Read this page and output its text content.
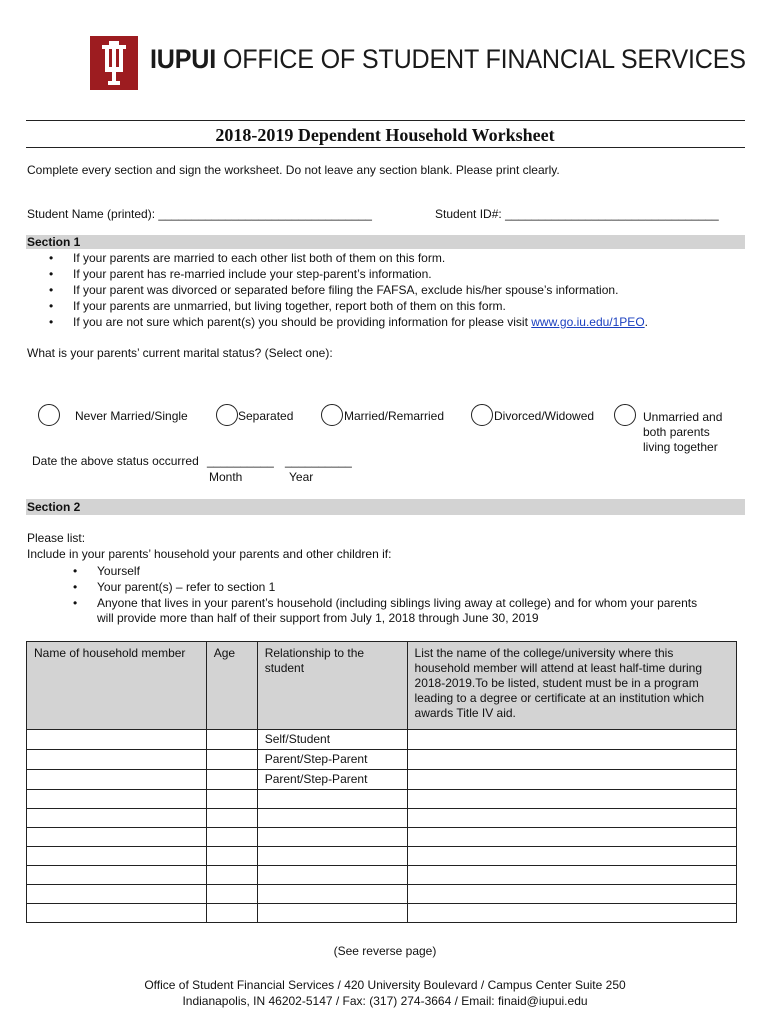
IU
IUPUI OFFICE OF STUDENT FINANCIAL SERVICES
2018-2019 Dependent Household Worksheet
Complete every section and sign the worksheet. Do not leave any section blank. Please print clearly.
Student Name (printed): ________________________________	Student ID#: ________________________________
Section 1
• If your parents are married to each other list both of them on this form.
• If your parent has re-married include your step-parent’s information.
• If your parent was divorced or separated before filing the FAFSA, exclude his/her spouse’s information.
• If your parents are unmarried, but living together, report both of them on this form.
• If you are not sure which parent(s) you should be providing information for please visit www.go.iu.edu/1PEO.
What is your parents’ current marital status? (Select one):
Never Married/Single	Separated	Married/Remarried	Divorced/Widowed	Unmarried and
both parents
living together
Date the above status occurred __________ __________
Month	Year
Section 2
Please list:
Include in your parents’ household your parents and other children if:
• Yourself
• Your parent(s) – refer to section 1
• Anyone that lives in your parent’s household (including siblings living away at college) and for whom your parents
will provide more than half of their support from July 1, 2018 through June 30, 2019
Name of household member	Age	Relationship to the student	List the name of the college/university where this household member will attend at least half-time during 2018-2019.To be listed, student must be in a program leading to a degree or certificate at an institution which awards Title IV aid.
		Self/Student	
		Parent/Step-Parent	
		Parent/Step-Parent	

(See reverse page)
Office of Student Financial Services / 420 University Boulevard / Campus Center Suite 250
Indianapolis, IN 46202-5147 / Fax: (317) 274-3664 / Email: finaid@iupui.edu
